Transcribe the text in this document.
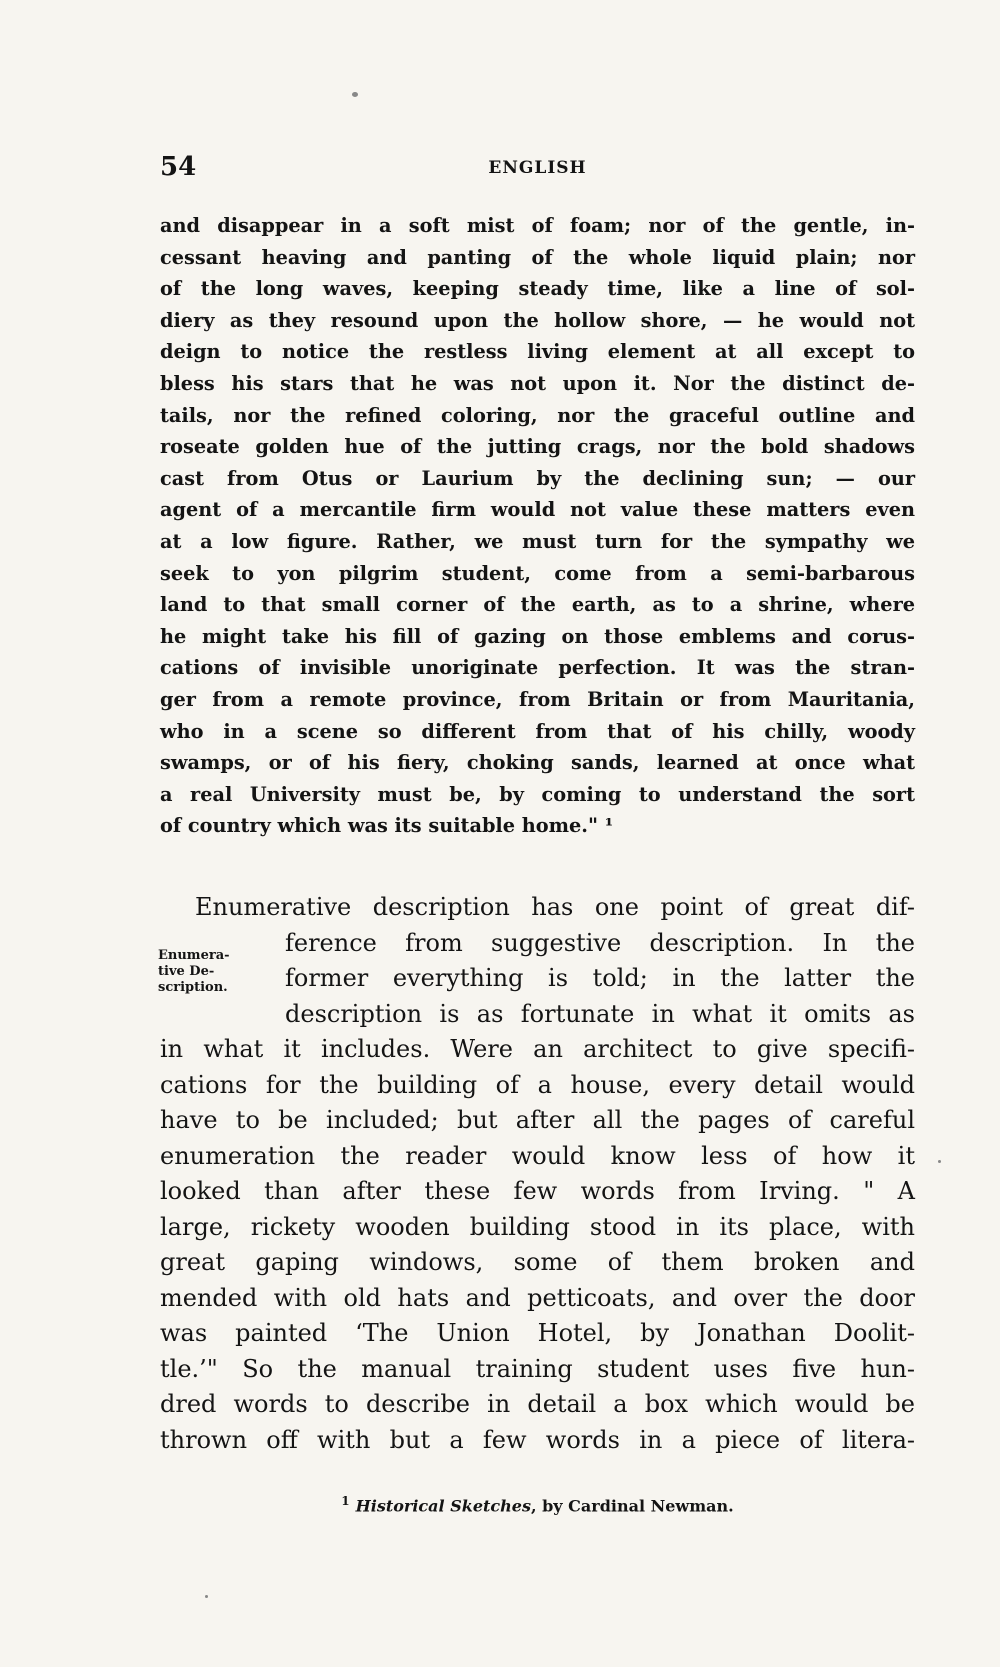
54	ENGLISH
and disappear in a soft mist of foam; nor of the gentle, in-
cessant heaving and panting of the whole liquid plain; nor
of the long waves, keeping steady time, like a line of sol-
diery as they resound upon the hollow shore, — he would not
deign to notice the restless living element at all except to
bless his stars that he was not upon it. Nor the distinct de-
tails, nor the refined coloring, nor the graceful outline and
roseate golden hue of the jutting crags, nor the bold shadows
cast from Otus or Laurium by the declining sun; — our
agent of a mercantile firm would not value these matters even
at a low figure. Rather, we must turn for the sympathy we
seek to yon pilgrim student, come from a semi-barbarous
land to that small corner of the earth, as to a shrine, where
he might take his fill of gazing on those emblems and corus-
cations of invisible unoriginate perfection. It was the stran-
ger from a remote province, from Britain or from Mauritania,
who in a scene so different from that of his chilly, woody
swamps, or of his fiery, choking sands, learned at once what
a real University must be, by coming to understand the sort
of country which was its suitable home." ¹
Enumera-
tive De-
scription.
Enumerative description has one point of great dif-
ference from suggestive description. In the
former everything is told; in the latter the
description is as fortunate in what it omits as
in what it includes. Were an architect to give specifi-
cations for the building of a house, every detail would
have to be included; but after all the pages of careful
enumeration the reader would know less of how it
looked than after these few words from Irving. " A
large, rickety wooden building stood in its place, with
great gaping windows, some of them broken and
mended with old hats and petticoats, and over the door
was painted ‘The Union Hotel, by Jonathan Doolit-
tle.’" So the manual training student uses five hun-
dred words to describe in detail a box which would be
thrown off with but a few words in a piece of litera-
$^1$ Historical Sketches, by Cardinal Newman.
